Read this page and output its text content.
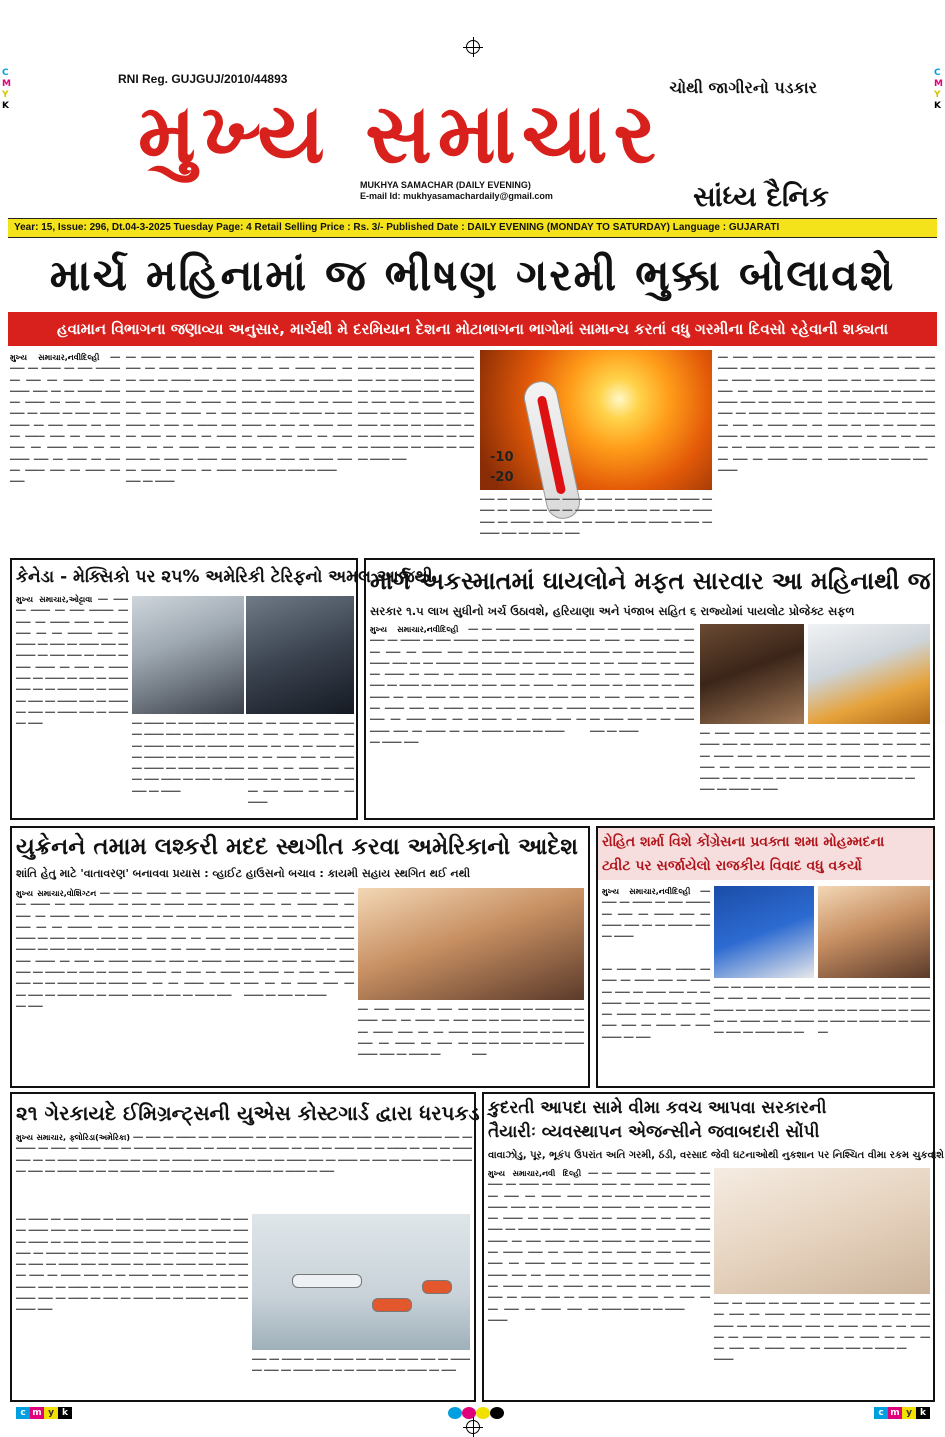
C
M
Y
K
C
M
Y
K
RNI Reg. GUJGUJ/2010/44893	ચોથી જાગીરનો પડકાર
મુખ્ય સમાચાર
MUKHYA SAMACHAR (DAILY EVENING)
E-mail Id: mukhyasamachardaily@gmail.com	સાંધ્ય દૈનિક
Year: 15, Issue: 296, Dt.04-3-2025 Tuesday Page: 4 Retail Selling Price : Rs. 3/- Published Date : DAILY EVENING (MONDAY TO SATURDAY) Language : GUJARATI
માર્ચ મહિનામાં જ ભીષણ ગરમી ભુક્કા બોલાવશે
હવામાન વિભાગના જણાવ્યા અનુસાર, માર્ચથી મે દરમિયાન દેશના મોટાભાગના ભાગોમાં સામાન્ય કરતાં વધુ ગરમીના દિવસો રહેવાની શક્યતા
મુખ્ય સમાચાર,નવીદિલ્હી ━━ ━━━ ━━ ━━━━ ━━ ━━━ ━━━━━ ━━ ━━━ ━━ ━━━━ ━━━ ━━ ━━━━ ━━━ ━━ ━━ ━━━━━ ━━━ ━━ ━━━━ ━━ ━━━ ━━ ━━━━ ━━━ ━━ ━━━━ ━━ ━━━ ━━━ ━━ ━━━━ ━━ ━━━ ━━━━ ━━ ━━━ ━━ ━━━━ ━━━ ━━ ━━━━ ━━ ━━━ ━━ ━━━━ ━━━ ━━ ━━ ━━━━ ━━━ ━━ ━━━━ ━━ ━━━ ━━ ━━━━ ━━━ ━━ ━━━━ ━━ ━━━
━━ ━━━━ ━━ ━━━ ━━━━ ━━ ━━━ ━━ ━━━━ ━━━ ━━ ━━━━ ━━ ━━━ ━━ ━━━━ ━━━ ━━ ━━ ━━━━ ━━━ ━━ ━━━━ ━━ ━━━ ━━ ━━━━ ━━━ ━━ ━━━━ ━━ ━━━ ━━━ ━━ ━━━━ ━━ ━━━ ━━━━ ━━ ━━━ ━━ ━━━━ ━━━ ━━ ━━━━ ━━ ━━━ ━━ ━━━━ ━━━ ━━ ━━ ━━━━ ━━━ ━━ ━━━━ ━━ ━━━ ━━ ━━━━ ━━━ ━━ ━━━━ ━━ ━━━ ━━ ━━━━ ━━━ ━━ ━━━━
━━━ ━━ ━━━━ ━━ ━━━ ━━━━ ━━ ━━━ ━━ ━━━━ ━━━ ━━ ━━━━ ━━ ━━━ ━━ ━━━━ ━━━ ━━ ━━ ━━━━ ━━━ ━━ ━━━━ ━━ ━━━ ━━ ━━━━ ━━━ ━━ ━━━━ ━━ ━━━ ━━━ ━━ ━━━━ ━━ ━━━ ━━━━ ━━ ━━━ ━━ ━━━━ ━━━ ━━ ━━━━ ━━ ━━━ ━━ ━━━━ ━━━ ━━ ━━ ━━━━ ━━━ ━━ ━━━━ ━━ ━━━ ━━ ━━━━ ━━━ ━━ ━━━━ ━━ ━━━ ━━ ━━━━
━━ ━━━ ━━━━ ━━ ━━━ ━━ ━━━━ ━━━ ━━ ━━━━ ━━ ━━━ ━━ ━━━━ ━━━ ━━ ━━ ━━━━ ━━━ ━━ ━━━━ ━━ ━━━ ━━ ━━━━ ━━━ ━━ ━━━━ ━━ ━━━ ━━━ ━━ ━━━━ ━━ ━━━ ━━━━ ━━ ━━━ ━━ ━━━━ ━━━ ━━ ━━━━ ━━ ━━━ ━━ ━━━━ ━━━ ━━ ━━ ━━━━ ━━━ ━━ ━━━━ ━━ ━━━ ━━ ━━━━ ━━━ ━━ ━━━━ ━━ ━━━ ━━ ━━━━ ━━━	-10
-20
━━━ ━━ ━━━━ ━━ ━━━ ━━━━ ━━ ━━━ ━━ ━━━━ ━━━ ━━ ━━━━ ━━ ━━━ ━━ ━━━━ ━━━ ━━ ━━ ━━━━ ━━━ ━━ ━━━━ ━━ ━━━ ━━ ━━━━ ━━━ ━━ ━━━━ ━━ ━━━ ━━━ ━━ ━━━━ ━━ ━━━ ━━━━ ━━ ━━━ ━━ ━━━━ ━━━ ━━ ━━━━ ━━ ━━━
━━ ━━━ ━━━━ ━━ ━━━ ━━ ━━━━ ━━━ ━━ ━━━━ ━━ ━━━ ━━ ━━━━ ━━━ ━━ ━━ ━━━━ ━━━ ━━ ━━━━ ━━ ━━━ ━━ ━━━━ ━━━ ━━ ━━━━ ━━ ━━━ ━━━ ━━ ━━━━ ━━ ━━━ ━━━━ ━━ ━━━ ━━ ━━━━ ━━━ ━━ ━━━━ ━━ ━━━ ━━ ━━━━ ━━━ ━━ ━━ ━━━━ ━━━ ━━ ━━━━ ━━ ━━━ ━━ ━━━━ ━━━ ━━ ━━━━
━━━ ━━ ━━━━ ━━ ━━━ ━━━━ ━━ ━━━ ━━ ━━━━ ━━━ ━━ ━━━━ ━━ ━━━ ━━ ━━━━ ━━━ ━━ ━━ ━━━━ ━━━ ━━ ━━━━ ━━ ━━━ ━━ ━━━━ ━━━ ━━ ━━━━ ━━ ━━━ ━━━ ━━ ━━━━ ━━ ━━━ ━━━━ ━━ ━━━ ━━ ━━━━ ━━━ ━━ ━━━━ ━━ ━━━ ━━ ━━━━ ━━━ ━━ ━━ ━━━━ ━━━ ━━ ━━━━ ━━ ━━━ ━━ ━━━━ ━━━
કેનેડા - મેક્સિકો પર ૨૫% અમેરિકી ટેરિફનો અમલ આજથી
મુખ્ય સમાચાર,ઓટ્ટાવા ━━ ━━━ ━━ ━━━━ ━━ ━━━ ━━━━━ ━━ ━━━ ━━ ━━━━ ━━━ ━━ ━━━━ ━━━ ━━ ━━ ━━━━━ ━━━ ━━ ━━━━ ━━ ━━━ ━━ ━━━━ ━━━ ━━ ━━━━ ━━ ━━━ ━━━ ━━ ━━━━ ━━ ━━━ ━━━━ ━━ ━━━ ━━ ━━━━ ━━━ ━━ ━━━━ ━━ ━━━ ━━ ━━━━ ━━━ ━━ ━━ ━━━━ ━━━ ━━ ━━━━ ━━ ━━━ ━━ ━━━━ ━━━ ━━ ━━━━ ━━ ━━━ ━━ ━━━━ ━━━ ━━ ━━━━ ━━ ━━━	━━ ━━━━ ━━ ━━━ ━━━━ ━━ ━━━ ━━ ━━━━ ━━━ ━━ ━━━━ ━━ ━━━ ━━ ━━━━ ━━━ ━━ ━━ ━━━━ ━━━ ━━ ━━━━ ━━ ━━━ ━━ ━━━━ ━━━ ━━ ━━━━ ━━ ━━━ ━━━ ━━ ━━━━ ━━ ━━━ ━━━━ ━━ ━━━ ━━ ━━━━ ━━━ ━━ ━━━━
━━━ ━━ ━━━━ ━━ ━━━ ━━━━ ━━ ━━━ ━━ ━━━━ ━━━ ━━ ━━━━ ━━ ━━━ ━━ ━━━━ ━━━ ━━ ━━ ━━━━ ━━━ ━━ ━━━━ ━━ ━━━ ━━ ━━━━ ━━━ ━━ ━━━━ ━━ ━━━ ━━━ ━━ ━━━━ ━━ ━━━ ━━━━ ━━ ━━━ ━━ ━━━━
માર્ગ અકસ્માતમાં ઘાયલોને મફત સારવાર આ મહિનાથી જ
સરકાર ૧.૫ લાખ સુધીનો ખર્ચ ઉઠાવશે, હરિયાણા અને પંજાબ સહિત ૬ રાજ્યોમાં પાયલોટ પ્રોજેક્ટ સફળ
મુખ્ય સમાચાર,નવીદિલ્હી ━━ ━━━ ━━ ━━━━ ━━ ━━━ ━━━━━ ━━ ━━━ ━━ ━━━━ ━━━ ━━ ━━━━ ━━━ ━━ ━━ ━━━━━ ━━━ ━━ ━━━━ ━━ ━━━ ━━ ━━━━ ━━━ ━━ ━━━━ ━━ ━━━ ━━━ ━━ ━━━━ ━━ ━━━ ━━━━ ━━ ━━━ ━━ ━━━━ ━━━ ━━ ━━━━ ━━ ━━━ ━━ ━━━━ ━━━ ━━ ━━ ━━━━ ━━━ ━━ ━━━━ ━━ ━━━ ━━ ━━━━ ━━━
━━ ━━━━ ━━ ━━━ ━━━━ ━━ ━━━ ━━ ━━━━ ━━━ ━━ ━━━━ ━━ ━━━ ━━ ━━━━ ━━━ ━━ ━━ ━━━━ ━━━ ━━ ━━━━ ━━ ━━━ ━━ ━━━━ ━━━ ━━ ━━━━ ━━ ━━━ ━━━ ━━ ━━━━ ━━ ━━━ ━━━━ ━━ ━━━ ━━ ━━━━ ━━━ ━━ ━━━━ ━━ ━━━ ━━ ━━━━ ━━━ ━━ ━━ ━━━━ ━━━ ━━ ━━━━ ━━ ━━━ ━━ ━━━━
━━━ ━━ ━━━━ ━━ ━━━ ━━━━ ━━ ━━━ ━━ ━━━━ ━━━ ━━ ━━━━ ━━ ━━━ ━━ ━━━━ ━━━ ━━ ━━ ━━━━ ━━━ ━━ ━━━━ ━━ ━━━ ━━ ━━━━ ━━━ ━━ ━━━━ ━━ ━━━ ━━━ ━━ ━━━━ ━━ ━━━ ━━━━ ━━ ━━━ ━━ ━━━━ ━━━ ━━ ━━━━ ━━ ━━━ ━━ ━━━━ ━━━ ━━ ━━ ━━━━ ━━━ ━━ ━━━━	━━ ━━━ ━━━━ ━━ ━━━ ━━ ━━━━ ━━━ ━━ ━━━━ ━━ ━━━ ━━ ━━━━ ━━━ ━━ ━━ ━━━━ ━━━ ━━ ━━━━ ━━ ━━━ ━━ ━━━━ ━━━ ━━ ━━━━ ━━ ━━━ ━━━ ━━ ━━━━ ━━ ━━━
━━━ ━━ ━━━━ ━━ ━━━ ━━━━ ━━ ━━━ ━━ ━━━━ ━━━ ━━ ━━━━ ━━ ━━━ ━━ ━━━━ ━━━ ━━ ━━ ━━━━ ━━━ ━━ ━━━━ ━━ ━━━ ━━ ━━━━ ━━━ ━━ ━━━━ ━━ ━━━ ━━━ ━━
યુક્રેનને તમામ લશ્કરી મદદ સ્થગીત કરવા અમેરિકાનો આદેશ
શાંતિ હેતુ માટે 'વાતાવરણ' બનાવવા પ્રયાસ : વ્હાઈટ હાઉસનો બચાવ : કાયમી સહાય સ્થગિત થઈ નથી
મુખ્ય સમાચાર,વોશિંગ્ટન ━━ ━━━ ━━ ━━━━ ━━ ━━━ ━━━━━ ━━ ━━━ ━━ ━━━━ ━━━ ━━ ━━━━ ━━━ ━━ ━━ ━━━━━ ━━━ ━━ ━━━━ ━━ ━━━ ━━ ━━━━ ━━━ ━━ ━━━━ ━━ ━━━ ━━━ ━━ ━━━━ ━━ ━━━ ━━━━ ━━ ━━━ ━━ ━━━━ ━━━ ━━ ━━━━ ━━ ━━━ ━━ ━━━━ ━━━ ━━ ━━ ━━━━ ━━━ ━━ ━━━━ ━━ ━━━ ━━ ━━━━ ━━━ ━━ ━━━━ ━━ ━━━
━━ ━━━━ ━━ ━━━ ━━━━ ━━ ━━━ ━━ ━━━━ ━━━ ━━ ━━━━ ━━ ━━━ ━━ ━━━━ ━━━ ━━ ━━ ━━━━ ━━━ ━━ ━━━━ ━━ ━━━ ━━ ━━━━ ━━━ ━━ ━━━━ ━━ ━━━ ━━━ ━━ ━━━━ ━━ ━━━ ━━━━ ━━ ━━━ ━━ ━━━━ ━━━ ━━ ━━━━ ━━ ━━━ ━━ ━━━━ ━━━ ━━ ━━ ━━━━ ━━━ ━━ ━━━━ ━━ ━━━ ━━ ━━━━ ━━━
━━━ ━━ ━━━━ ━━ ━━━ ━━━━ ━━ ━━━ ━━ ━━━━ ━━━ ━━ ━━━━ ━━ ━━━ ━━ ━━━━ ━━━ ━━ ━━ ━━━━ ━━━ ━━ ━━━━ ━━ ━━━ ━━ ━━━━ ━━━ ━━ ━━━━ ━━ ━━━ ━━━ ━━ ━━━━ ━━ ━━━ ━━━━ ━━ ━━━ ━━ ━━━━ ━━━ ━━ ━━━━ ━━ ━━━ ━━ ━━━━ ━━━ ━━ ━━ ━━━━ ━━━ ━━ ━━━━ ━━ ━━━ ━━ ━━━━
━━ ━━━ ━━━━ ━━ ━━━ ━━ ━━━━ ━━━ ━━ ━━━━ ━━ ━━━ ━━ ━━━━ ━━━ ━━ ━━ ━━━━ ━━━ ━━ ━━━━ ━━ ━━━ ━━ ━━━━ ━━━ ━━ ━━━━ ━━
━━━ ━━ ━━━━ ━━ ━━━ ━━━━ ━━ ━━━ ━━ ━━━━ ━━━ ━━ ━━━━ ━━ ━━━ ━━ ━━━━ ━━━ ━━ ━━ ━━━━ ━━━ ━━ ━━━━ ━━ ━━━ ━━ ━━━━ ━━━
રોહિત શર્મા વિશે કોંગ્રેસના પ્રવક્તા શમા મોહમ્મદના
ટ્વીટ પર સર્જાયેલો રાજકીય વિવાદ વધુ વકર્યો
મુખ્ય સમાચાર,નવીદિલ્હી ━━ ━━━ ━━ ━━━━ ━━ ━━━ ━━━━━ ━━ ━━━ ━━ ━━━━ ━━━ ━━ ━━━━ ━━━ ━━ ━━ ━━━━━ ━━━ ━━ ━━━━
━━ ━━━━ ━━ ━━━ ━━━━ ━━ ━━━ ━━ ━━━━ ━━━ ━━ ━━━━ ━━ ━━━ ━━ ━━━━ ━━━ ━━ ━━ ━━━━ ━━━ ━━ ━━━━ ━━ ━━━ ━━ ━━━━ ━━━ ━━ ━━━━ ━━ ━━━ ━━━ ━━ ━━━━ ━━ ━━━ ━━━━ ━━ ━━━
━━━ ━━ ━━━━ ━━ ━━━ ━━━━ ━━ ━━━ ━━ ━━━━ ━━━ ━━ ━━━━ ━━ ━━━ ━━ ━━━━ ━━━ ━━ ━━ ━━━━ ━━━ ━━ ━━━━ ━━ ━━━ ━━ ━━━━ ━━━ ━━
━━ ━━━ ━━━━ ━━ ━━━ ━━ ━━━━ ━━━ ━━ ━━━━ ━━ ━━━ ━━ ━━━━ ━━━ ━━ ━━ ━━━━ ━━━ ━━ ━━━━ ━━ ━━━ ━━ ━━━━ ━━━ ━━ ━━━━ ━━
૨૧ ગેરકાયદે ઈમિગ્રન્ટ્સની યુએસ કોસ્ટગાર્ડ દ્વારા ધરપકડ
મુખ્ય સમાચાર, ફ્લોરિડા(અમેરિકા) ━━ ━━━ ━━ ━━━━ ━━ ━━━ ━━━━━ ━━ ━━━ ━━ ━━━━ ━━━ ━━ ━━━━ ━━━ ━━ ━━ ━━━━━ ━━━ ━━ ━━━━ ━━ ━━━ ━━ ━━━━ ━━━ ━━ ━━━━ ━━ ━━━ ━━━ ━━ ━━━━ ━━ ━━━ ━━━━ ━━ ━━━ ━━ ━━━━ ━━━ ━━ ━━━━ ━━ ━━━ ━━ ━━━━ ━━━ ━━ ━━ ━━━━ ━━━ ━━ ━━━━ ━━ ━━━ ━━ ━━━━ ━━━ ━━ ━━━━ ━━ ━━━ ━━ ━━━━ ━━━ ━━ ━━━━ ━━ ━━━ ━━ ━━━━ ━━━ ━━ ━━━━ ━━ ━━━ ━━ ━━━━ ━━━ ━━ ━━ ━━━━ ━━━ ━━ ━━━━ ━━ ━━━ ━━ ━━━━ ━━━ ━━ ━━━━ ━━ ━━━
━━ ━━━━ ━━ ━━━ ━━━━ ━━ ━━━ ━━ ━━━━ ━━━ ━━ ━━━━ ━━ ━━━ ━━ ━━━━ ━━━ ━━ ━━ ━━━━ ━━━ ━━ ━━━━ ━━ ━━━ ━━ ━━━━ ━━━ ━━ ━━━━ ━━ ━━━ ━━━ ━━ ━━━━ ━━ ━━━ ━━━━ ━━ ━━━ ━━ ━━━━ ━━━ ━━ ━━━━ ━━ ━━━ ━━ ━━━━ ━━━ ━━ ━━ ━━━━ ━━━ ━━ ━━━━ ━━ ━━━ ━━ ━━━━ ━━━ ━━ ━━━━ ━━ ━━━ ━━ ━━━━ ━━━ ━━ ━━━━ ━━ ━━━ ━━ ━━━━ ━━━ ━━ ━━ ━━━━ ━━━ ━━ ━━━━ ━━ ━━━ ━━ ━━━━ ━━━ ━━ ━━━━ ━━ ━━━ ━━ ━━━━ ━━━ ━━ ━━━━ ━━ ━━━ ━━ ━━━━ ━━━ ━━ ━━━━ ━━ ━━━ ━━ ━━━━ ━━━ ━━ ━━━━ ━━ ━━━ ━━ ━━━━ ━━━
━━━ ━━ ━━━━ ━━ ━━━ ━━━━ ━━ ━━━ ━━ ━━━━ ━━━ ━━ ━━━━ ━━ ━━━ ━━ ━━━━ ━━━ ━━ ━━ ━━━━ ━━━ ━━ ━━━━ ━━ ━━━
કુદરતી આપદા સામે વીમા કવચ આપવા સરકારની
તૈયારીઃ વ્યવસ્થાપન એજન્સીને જવાબદારી સોંપી
વાવાઝોડુ, પૂર, ભૂકંપ ઉપરાંત અતિ ગરમી, ઠંડી, વરસાદ જેવી ઘટનાઓથી નુકશાન પર નિશ્ચિત વીમા રકમ ચુકવાશે
મુખ્ય સમાચાર,નવી દિલ્હી ━━ ━━━ ━━ ━━━━ ━━ ━━━ ━━━━━ ━━ ━━━ ━━ ━━━━ ━━━ ━━ ━━━━ ━━━ ━━ ━━ ━━━━━ ━━━ ━━ ━━━━ ━━ ━━━ ━━ ━━━━ ━━━ ━━ ━━━━ ━━ ━━━ ━━━ ━━ ━━━━ ━━ ━━━ ━━━━ ━━ ━━━ ━━ ━━━━ ━━━ ━━ ━━━━ ━━ ━━━ ━━ ━━━━ ━━━ ━━ ━━ ━━━━ ━━━ ━━ ━━━━ ━━ ━━━ ━━ ━━━━ ━━━ ━━ ━━━━ ━━ ━━━ ━━ ━━━━ ━━━ ━━ ━━━━ ━━ ━━━ ━━ ━━━━ ━━━ ━━ ━━━━
━━ ━━━━ ━━ ━━━ ━━━━ ━━ ━━━ ━━ ━━━━ ━━━ ━━ ━━━━ ━━ ━━━ ━━ ━━━━ ━━━ ━━ ━━ ━━━━ ━━━ ━━ ━━━━ ━━ ━━━ ━━ ━━━━ ━━━ ━━ ━━━━ ━━ ━━━ ━━━ ━━ ━━━━ ━━ ━━━ ━━━━ ━━ ━━━ ━━ ━━━━ ━━━ ━━ ━━━━ ━━ ━━━ ━━ ━━━━ ━━━ ━━ ━━ ━━━━ ━━━ ━━ ━━━━ ━━ ━━━ ━━ ━━━━ ━━━ ━━ ━━━━ ━━ ━━━ ━━ ━━━━ ━━━ ━━ ━━━━ ━━ ━━━ ━━ ━━━━ ━━━ ━━ ━━ ━━━━
━━━ ━━ ━━━━ ━━ ━━━ ━━━━ ━━ ━━━ ━━ ━━━━ ━━━ ━━ ━━━━ ━━ ━━━ ━━ ━━━━ ━━━ ━━ ━━ ━━━━ ━━━ ━━ ━━━━ ━━ ━━━ ━━ ━━━━ ━━━ ━━ ━━━━
━━ ━━━ ━━━━ ━━ ━━━ ━━ ━━━━ ━━━ ━━ ━━━━ ━━ ━━━ ━━ ━━━━ ━━━ ━━ ━━ ━━━━ ━━━ ━━ ━━━━ ━━ ━━━ ━━ ━━━━ ━━━ ━━ ━━━━ ━━
c m y k	c m y k
